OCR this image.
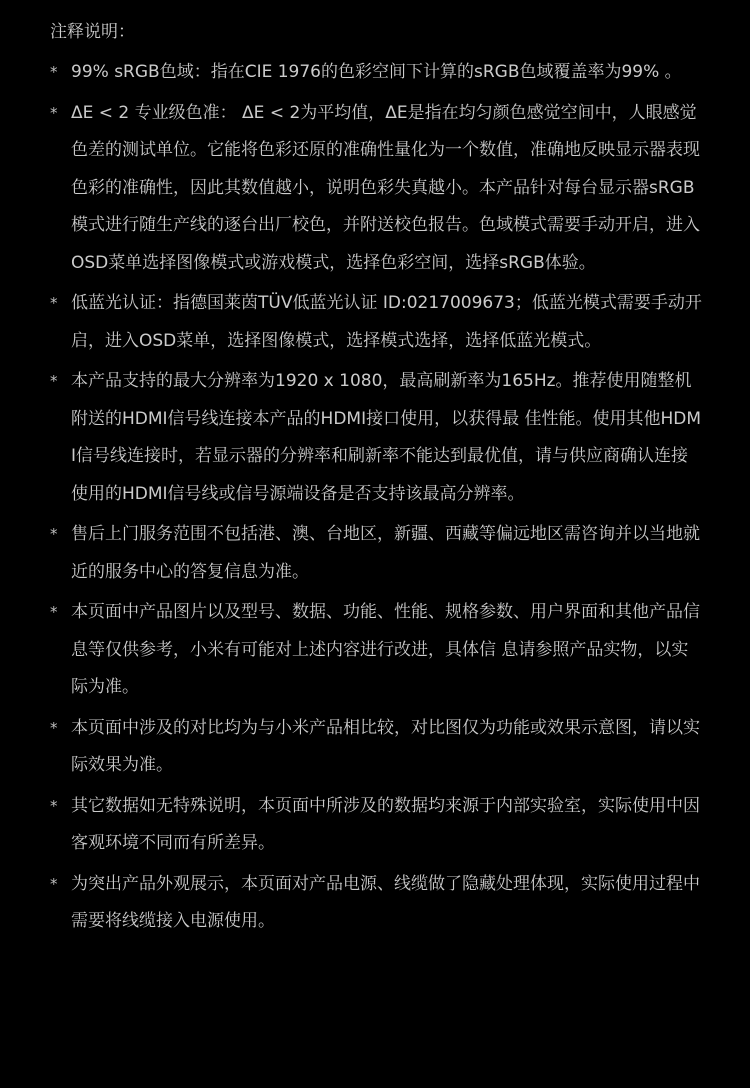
注释说明：
* 99% sRGB色域：指在CIE 1976的色彩空间下计算的sRGB色域覆盖率为99% 。
* ΔE < 2 专业级色准： ΔE < 2为平均值，ΔE是指在均匀颜色感觉空间中，人眼感觉色差的测试单位。它能将色彩还原的准确性量化为一个数值，准确地反映显示器表现色彩的准确性，因此其数值越小，说明色彩失真越小。本产品针对每台显示器sRGB模式进行随生产线的逐台出厂校色，并附送校色报告。色域模式需要手动开启，进入OSD菜单选择图像模式或游戏模式，选择色彩空间，选择sRGB体验。
* 低蓝光认证：指德国莱茵TÜV低蓝光认证 ID:0217009673；低蓝光模式需要手动开启，进入OSD菜单，选择图像模式，选择模式选择，选择低蓝光模式。
* 本产品支持的最大分辨率为1920 x 1080，最高刷新率为165Hz。推荐使用随整机附送的HDMI信号线连接本产品的HDMI接口使用，以获得最 佳性能。使用其他HDMI信号线连接时，若显示器的分辨率和刷新率不能达到最优值，请与供应商确认连接使用的HDMI信号线或信号源端设备是否支持该最高分辨率。
* 售后上门服务范围不包括港、澳、台地区，新疆、西藏等偏远地区需咨询并以当地就近的服务中心的答复信息为准。
* 本页面中产品图片以及型号、数据、功能、性能、规格参数、用户界面和其他产品信息等仅供参考，小米有可能对上述内容进行改进，具体信 息请参照产品实物，以实际为准。
* 本页面中涉及的对比均为与小米产品相比较，对比图仅为功能或效果示意图，请以实际效果为准。
* 其它数据如无特殊说明，本页面中所涉及的数据均来源于内部实验室，实际使用中因客观环境不同而有所差异。
* 为突出产品外观展示，本页面对产品电源、线缆做了隐藏处理体现，实际使用过程中需要将线缆接入电源使用。
